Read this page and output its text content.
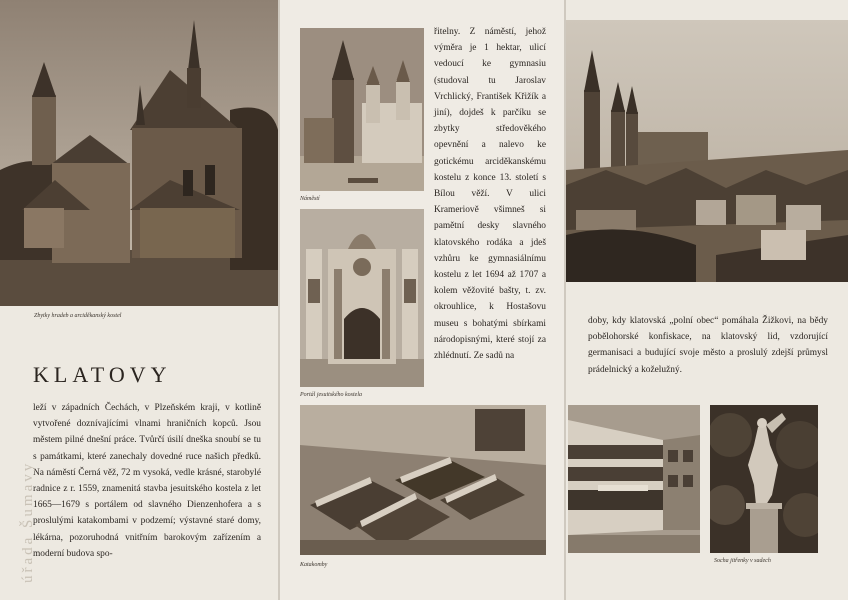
Zbytky hradeb a arciděkanský kostel
KLATOVY
leží v západních Čechách, v Plzeňském kraji, v kotlině vytvořené doznívajícími vlnami hraničních kopců. Jsou městem pilné dnešní práce. Tvůrčí úsilí dneška snoubí se tu s památkami, které zanechaly dovedné ruce našich předků. Na náměstí Černá věž, 72 m vysoká, vedle krásné, starobylé radnice z r. 1559, znamenitá stavba jesuitského kostela z let 1665—1679 s portálem od slavného Dienzenhofera a s proslulými katakombami v podzemí; výstavné staré domy, lékárna, pozoruhodná vnitřním barokovým zařízením a moderní budova spo-
úřada Šumavy
Náměstí
Portál jesuitského kostela
Katakomby
řitelny. Z náměstí, jehož výměra je 1 hektar, ulicí vedoucí ke gymnasiu (studoval tu Jaroslav Vrchlický, František Křižík a jiní), dojdeš k parčíku se zbytky středověkého opevnění a nalevo ke gotickému arciděkanskému kostelu z konce 13. století s Bílou věží. V ulici Krameriově všimneš si pamětní desky slavného klatovského rodáka a jdeš vzhůru ke gymnasiálnímu kostelu z let 1694 až 1707 a kolem věžovité bašty, t. zv. okrouhlice, k Hostašovu museu s bohatými sbírkami národopisnými, které stojí za zhlédnutí. Ze sadů na
doby, kdy klatovská „polní obec“ pomáhala Žižkovi, na bědy pobělohorské konfiskace, na klatovský lid, vzdorující germanisaci a budující svoje město a proslulý zdejší průmysl prádelnický a koželužný.
Socha jitřenky v sadech
